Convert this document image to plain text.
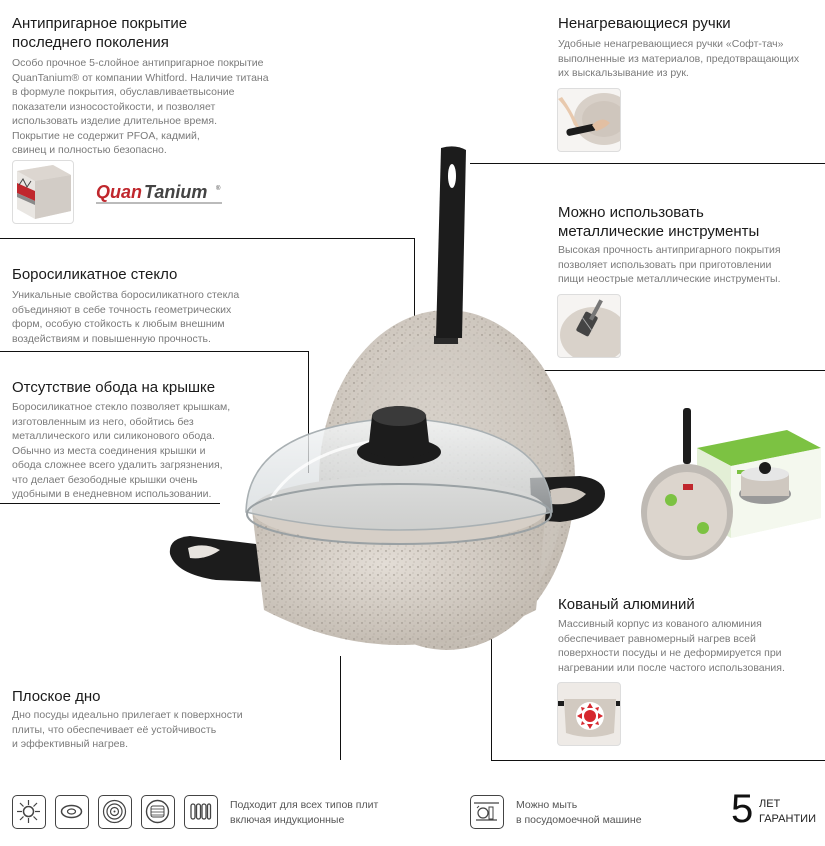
Антипригарное покрытие
последнего поколения
Особо прочное 5-слойное антипригарное покрытие
QuanTanium® от компании Whitford. Наличие титана
в формуле покрытия, обуславливаетвысоние
показатели износостойкости, и позволяет
использовать изделие длительное время.
Покрытие не содержит PFOA, кадмий,
свинец и полностью безопасно.
Quan Tanium ®
Боросиликатное стекло
Уникальные свойства боросиликатного стекла
объединяют в себе точность геометрических
форм, особую стойкость к любым внешним
воздействиям и повышенную прочность.
Отсутствие обода на крышке
Боросиликатное стекло позволяет крышкам,
изготовленным из него, обойтись без
металлического или силиконового обода.
Обычно из места соединения крышки и
обода сложнее всего удалить загрязнения,
что делает безободные крышки очень
удобными в енедневном использовании.
Плоское дно
Дно посуды идеально прилегает к поверхности
плиты, что обеспечивает её устойчивость
и эффективный нагрев.
Ненагревающиеся ручки
Удобные ненагревающиеся ручки «Софт-тач»
выполненные из материалов, предотвращающих
их выскальзывание из рук.
Можно использовать
металлические инструменты
Высокая прочность антипригарного покрытия
позволяет использовать при приготовлении
пищи неострые металлические инструменты.
Кованый алюминий
Массивный корпус из кованого алюминия
обеспечивает равномерный нагрев всей
поверхности посуды и не деформируется при
нагревании или после частого использования.
Подходит для всех типов плит
включая индукционные
Можно мыть
в посудомоечной машине 5 ЛЕТ
ГАРАНТИИ
